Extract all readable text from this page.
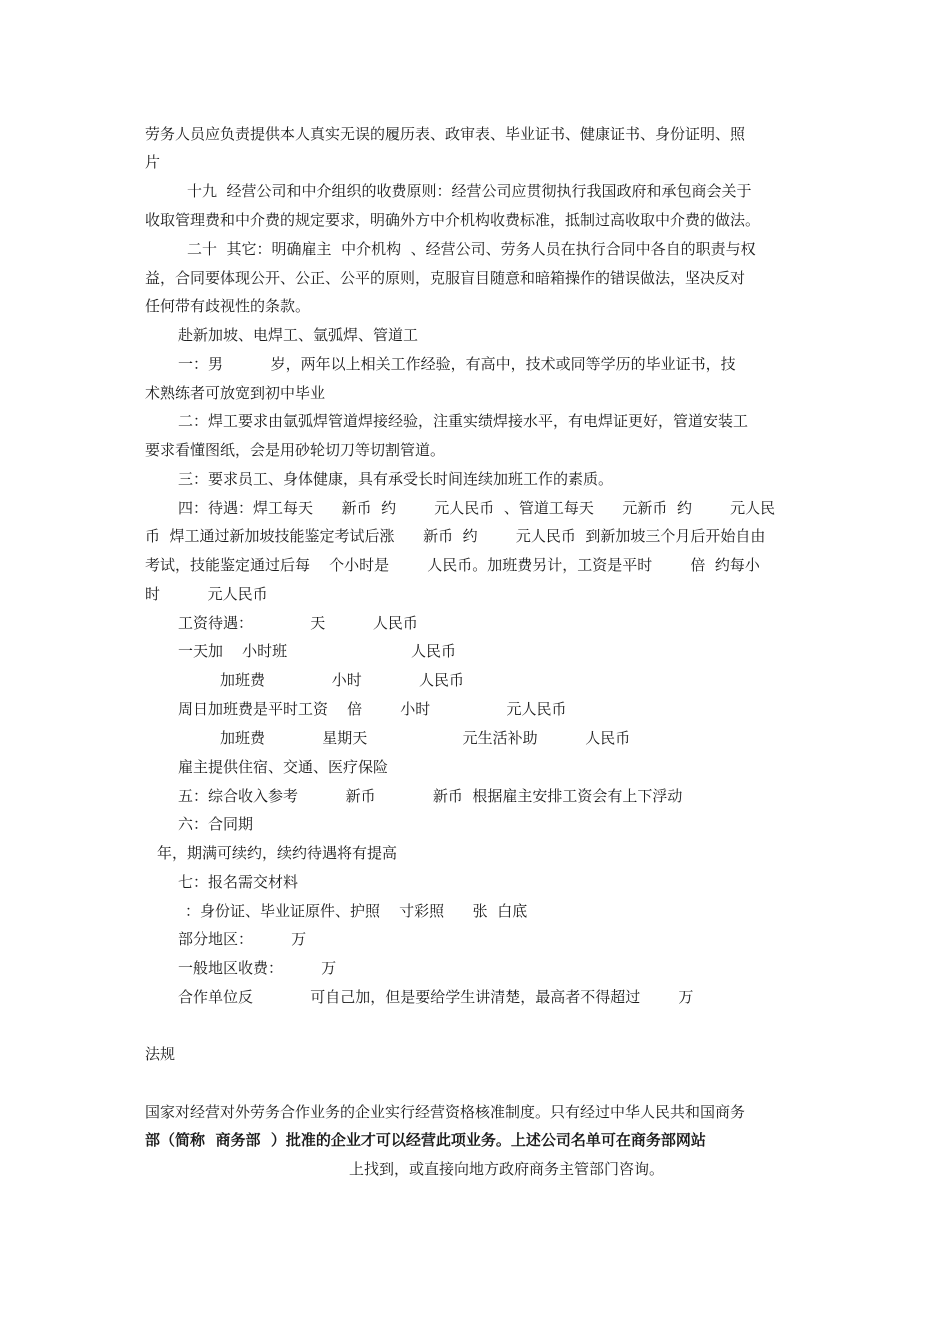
劳务人员应负责提供本人真实无误的履历表、政审表、毕业证书、健康证书、身份证明、照

片

十九  经营公司和中介组织的收费原则：经营公司应贯彻执行我国政府和承包商会关于

收取管理费和中介费的规定要求，明确外方中介机构收费标准，抵制过高收取中介费的做法。

二十  其它：明确雇主  中介机构  、经营公司、劳务人员在执行合同中各自的职责与权

益，合同要体现公开、公正、公平的原则，克服盲目随意和暗箱操作的错误做法，坚决反对

任何带有歧视性的条款。

赴新加坡、电焊工、氩弧焊、管道工

一：男          岁，两年以上相关工作经验，有高中，技术或同等学历的毕业证书，技

术熟练者可放宽到初中毕业

二：焊工要求由氩弧焊管道焊接经验，注重实绩焊接水平，有电焊证更好，管道安装工

要求看懂图纸，会是用砂轮切刀等切割管道。

三：要求员工、身体健康，具有承受长时间连续加班工作的素质。

四：待遇：焊工每天      新币  约        元人民币  、管道工每天      元新币  约        元人民

币  焊工通过新加坡技能鉴定考试后涨      新币  约        元人民币  到新加坡三个月后开始自由

考试，技能鉴定通过后每    个小时是        人民币。加班费另计，工资是平时        倍  约每小

时          元人民币

工资待遇：            天          人民币

一天加    小时班                          人民币

加班费              小时            人民币

周日加班费是平时工资    倍        小时                元人民币

加班费            星期天                    元生活补助          人民币

雇主提供住宿、交通、医疗保险

五：综合收入参考          新币            新币  根据雇主安排工资会有上下浮动

六：合同期

年，期满可续约，续约待遇将有提高

七：报名需交材料

：身份证、毕业证原件、护照    寸彩照      张  白底

部分地区：        万

一般地区收费：        万

合作单位反            可自己加，但是要给学生讲清楚，最高者不得超过        万

法规

国家对经营对外劳务合作业务的企业实行经营资格核准制度。只有经过中华人民共和国商务

部（简称  商务部  ）批准的企业才可以经营此项业务。上述公司名单可在商务部网站

上找到，或直接向地方政府商务主管部门咨询。
